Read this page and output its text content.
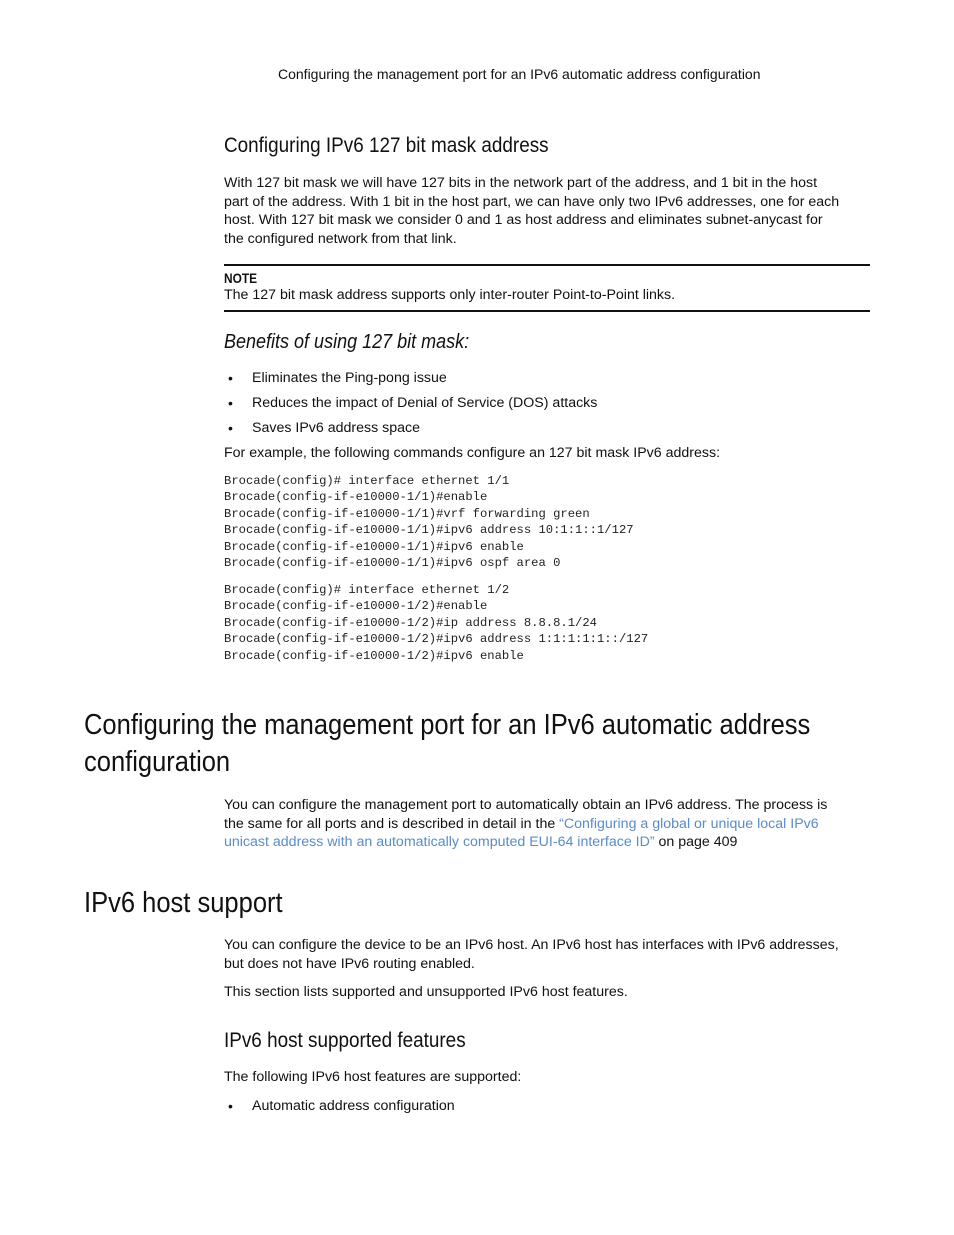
Configuring the management port for an IPv6 automatic address configuration
Configuring IPv6 127 bit mask address
With 127 bit mask we will have 127 bits in the network part of the address, and 1 bit in the host
part of the address. With 1 bit in the host part, we can have only two IPv6 addresses, one for each
host. With 127 bit mask we consider 0 and 1 as host address and eliminates subnet-anycast for
the configured network from that link.
NOTE
The 127 bit mask address supports only inter-router Point-to-Point links.
Benefits of using 127 bit mask:
• Eliminates the Ping-pong issue
• Reduces the impact of Denial of Service (DOS) attacks
• Saves IPv6 address space
For example, the following commands configure an 127 bit mask IPv6 address:
Brocade(config)# interface ethernet 1/1
Brocade(config-if-e10000-1/1)#enable
Brocade(config-if-e10000-1/1)#vrf forwarding green
Brocade(config-if-e10000-1/1)#ipv6 address 10:1:1::1/127
Brocade(config-if-e10000-1/1)#ipv6 enable
Brocade(config-if-e10000-1/1)#ipv6 ospf area 0
Brocade(config)# interface ethernet 1/2
Brocade(config-if-e10000-1/2)#enable
Brocade(config-if-e10000-1/2)#ip address 8.8.8.1/24
Brocade(config-if-e10000-1/2)#ipv6 address 1:1:1:1:1::/127
Brocade(config-if-e10000-1/2)#ipv6 enable
Configuring the management port for an IPv6 automatic address
configuration
You can configure the management port to automatically obtain an IPv6 address. The process is
the same for all ports and is described in detail in the “Configuring a global or unique local IPv6
unicast address with an automatically computed EUI-64 interface ID” on page 409
IPv6 host support
You can configure the device to be an IPv6 host. An IPv6 host has interfaces with IPv6 addresses,
but does not have IPv6 routing enabled.
This section lists supported and unsupported IPv6 host features.
IPv6 host supported features
The following IPv6 host features are supported:
• Automatic address configuration
